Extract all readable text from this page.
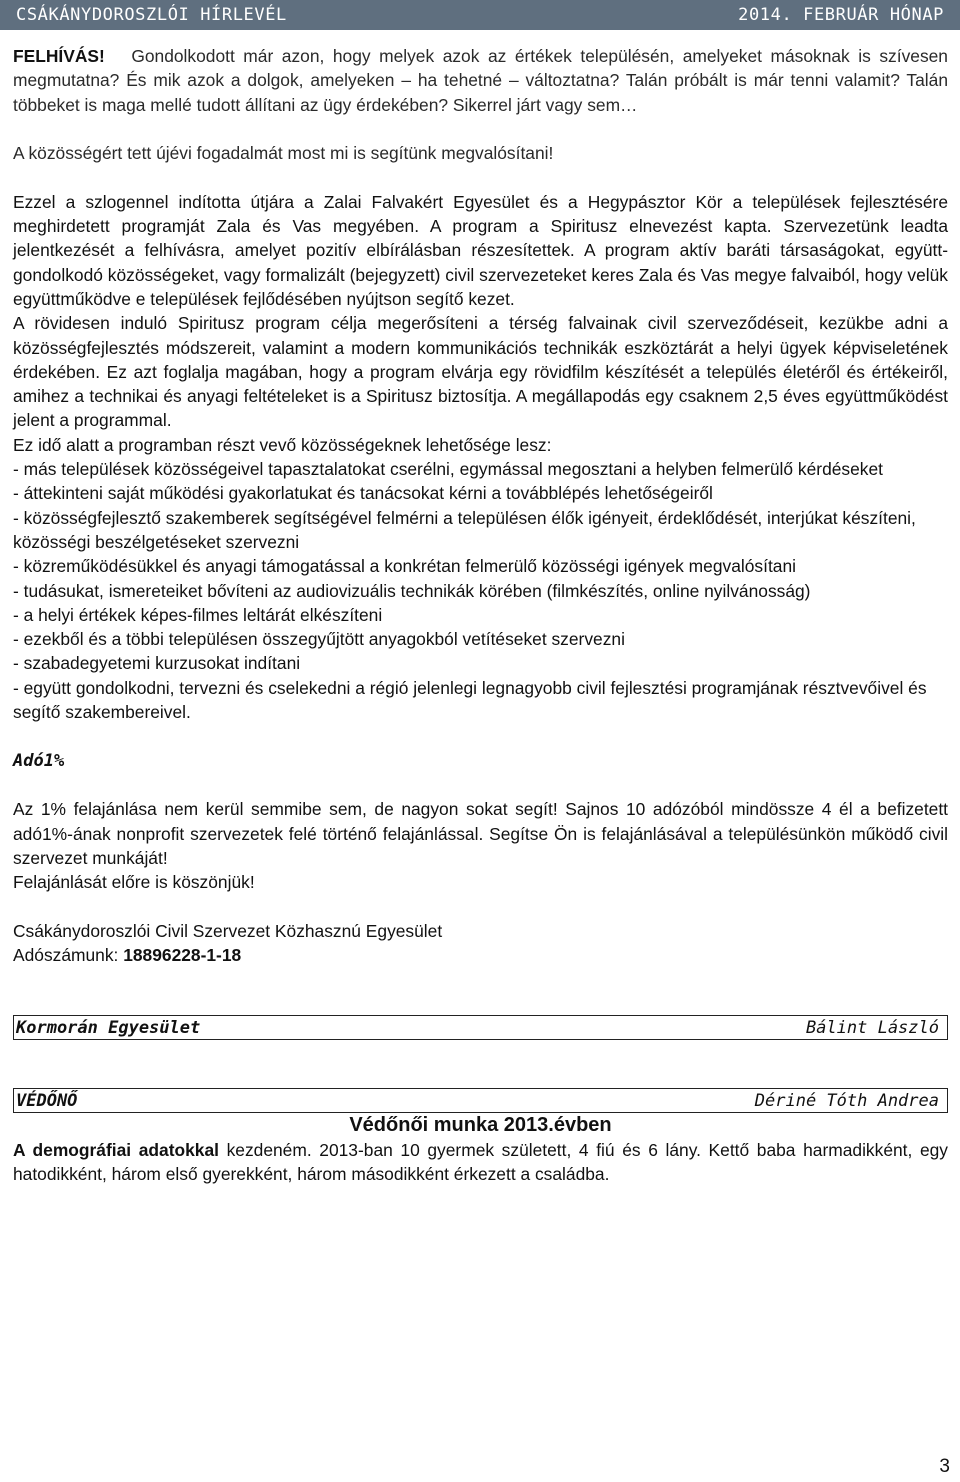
CSÁKÁNYDOROSZLÓI HÍRLEVÉL	2014. FEBRUÁR HÓNAP

FELHÍVÁS! Gondolkodott már azon, hogy melyek azok az értékek településén, amelyeket másoknak is szívesen megmutatna? És mik azok a dolgok, amelyeken – ha tehetné – változtatna? Talán próbált is már tenni valamit? Talán többeket is maga mellé tudott állítani az ügy érdekében? Sikerrel járt vagy sem…

A közösségért tett újévi fogadalmát most mi is segítünk megvalósítani!

Ezzel a szlogennel indította útjára a Zalai Falvakért Egyesület és a Hegypásztor Kör a települések fejlesztésére meghirdetett programját Zala és Vas megyében. A program a Spiritusz elnevezést kapta. Szervezetünk leadta jelentkezését a felhívásra, amelyet pozitív elbírálásban részesítettek. A program aktív baráti társaságokat, együtt-gondolkodó közösségeket, vagy formalizált (bejegyzett) civil szervezeteket keres Zala és Vas megye falvaiból, hogy velük együttműködve e települések fejlődésében nyújtson segítő kezet.

A rövidesen induló Spiritusz program célja megerősíteni a térség falvainak civil szerveződéseit, kezükbe adni a közösségfejlesztés módszereit, valamint a modern kommunikációs technikák eszköztárát a helyi ügyek képviseletének érdekében. Ez azt foglalja magában, hogy a program elvárja egy rövidfilm készítését a település életéről és értékeiről, amihez a technikai és anyagi feltételeket is a Spiritusz biztosítja. A megállapodás egy csaknem 2,5 éves együttműködést jelent a programmal.

Ez idő alatt a programban részt vevő közösségeknek lehetősége lesz:

- más települések közösségeivel tapasztalatokat cserélni, egymással megosztani a helyben felmerülő kérdéseket

- áttekinteni saját működési gyakorlatukat és tanácsokat kérni a továbblépés lehetőségeiről

- közösségfejlesztő szakemberek segítségével felmérni a településen élők igényeit, érdeklődését, interjúkat készíteni, közösségi beszélgetéseket szervezni

- közreműködésükkel és anyagi támogatással a konkrétan felmerülő közösségi igények megvalósítani

- tudásukat, ismereteiket bővíteni az audiovizuális technikák körében (filmkészítés, online nyilvánosság)

- a helyi értékek képes-filmes leltárát elkészíteni

- ezekből és a többi településen összegyűjtött anyagokból vetítéseket szervezni

- szabadegyetemi kurzusokat indítani

- együtt gondolkodni, tervezni és cselekedni a régió jelenlegi legnagyobb civil fejlesztési programjának résztvevőivel és segítő szakembereivel.

Adó1%

Az 1% felajánlása nem kerül semmibe sem, de nagyon sokat segít! Sajnos 10 adózóból mindössze 4 él a befizetett adó1%-ának nonprofit szervezetek felé történő felajánlással. Segítse Ön is felajánlásával a településünkön működő civil szervezet munkáját!

Felajánlását előre is köszönjük!

Csákánydoroszlói Civil Szervezet Közhasznú Egyesület

Adószámunk: 18896228-1-18

Kormorán Egyesület	Bálint László
VÉDŐNŐ	Dériné Tóth Andrea

Védőnői munka 2013.évben

A demográfiai adatokkal kezdeném. 2013-ban 10 gyermek született, 4 fiú és 6 lány. Kettő baba harmadikként, egy hatodikként, három első gyerekként, három másodikként érkezett a családba.

3
